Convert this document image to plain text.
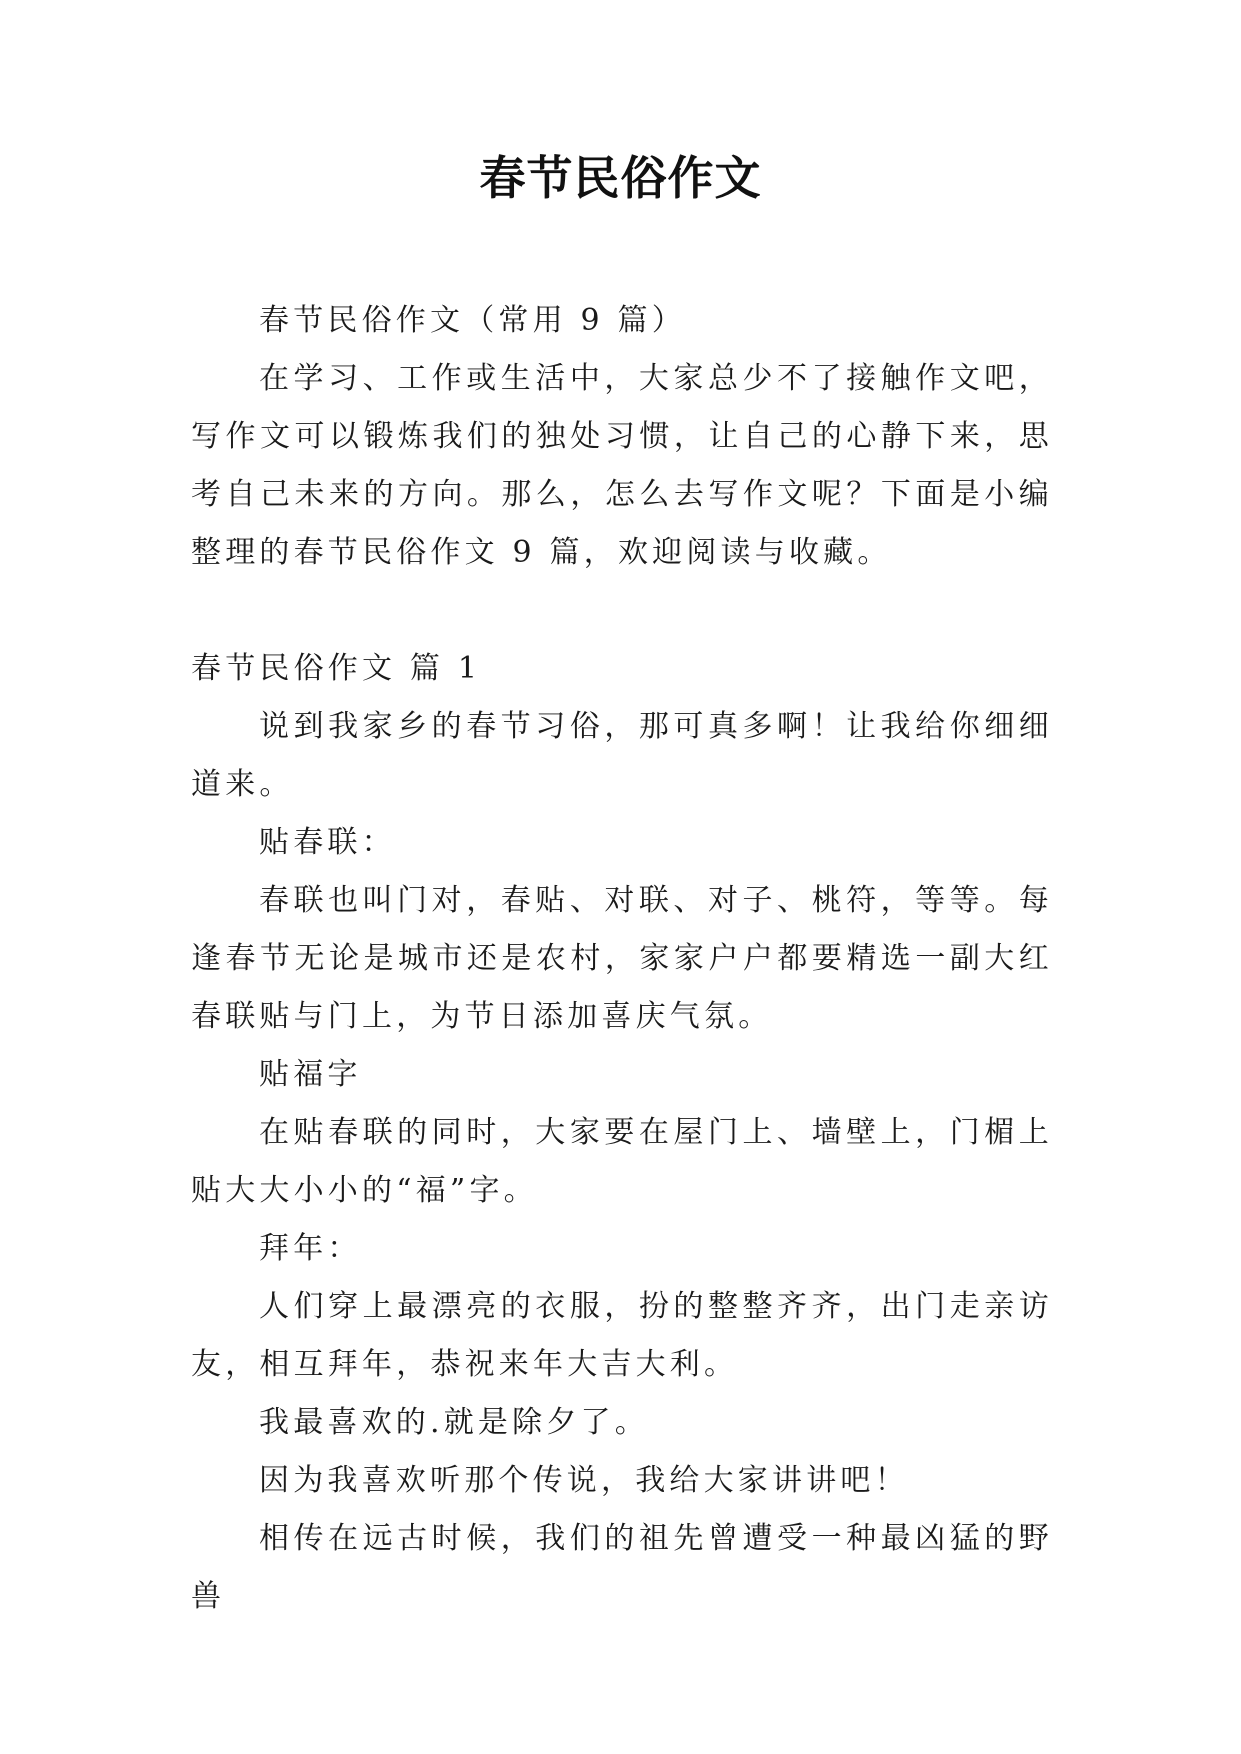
春节民俗作文

春节民俗作文（常用 9 篇）

在学习、工作或生活中，大家总少不了接触作文吧，写作文可以锻炼我们的独处习惯，让自己的心静下来，思考自己未来的方向。那么，怎么去写作文呢？下面是小编整理的春节民俗作文 9 篇，欢迎阅读与收藏。

春节民俗作文 篇 1

说到我家乡的春节习俗，那可真多啊！让我给你细细道来。

贴春联：

春联也叫门对，春贴、对联、对子、桃符，等等。每逢春节无论是城市还是农村，家家户户都要精选一副大红春联贴与门上，为节日添加喜庆气氛。

贴福字

在贴春联的同时，大家要在屋门上、墙壁上，门楣上贴大大小小的“福”字。

拜年：

人们穿上最漂亮的衣服，扮的整整齐齐，出门走亲访友，相互拜年，恭祝来年大吉大利。

我最喜欢的.就是除夕了。

因为我喜欢听那个传说，我给大家讲讲吧！

相传在远古时候，我们的祖先曾遭受一种最凶猛的野兽
